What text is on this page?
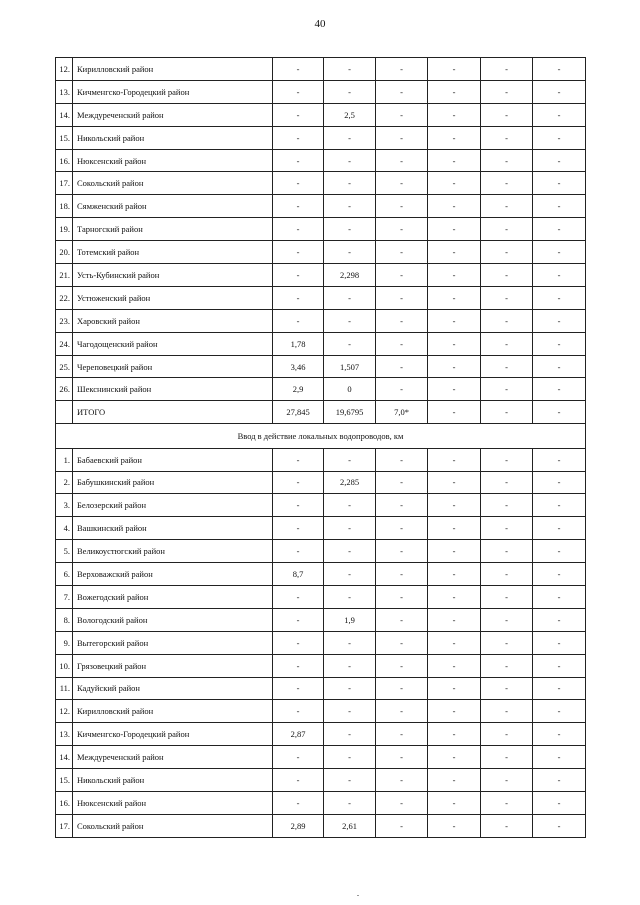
40
12.	Кирилловский район	-	-	-	-	-	-
13.	Кичменгско-Городецкий район	-	-	-	-	-	-
14.	Междуреченский район	-	2,5	-	-	-	-
15.	Никольский район	-	-	-	-	-	-
16.	Нюксенский район	-	-	-	-	-	-
17.	Сокольский район	-	-	-	-	-	-
18.	Сямженский район	-	-	-	-	-	-
19.	Тарногский район	-	-	-	-	-	-
20.	Тотемский район	-	-	-	-	-	-
21.	Усть-Кубинский район	-	2,298	-	-	-	-
22.	Устюженский район	-	-	-	-	-	-
23.	Харовский район	-	-	-	-	-	-
24.	Чагодощенский район	1,78	-	-	-	-	-
25.	Череповецкий район	3,46	1,507	-	-	-	-
26.	Шекснинский район	2,9	0	-	-	-	-
	ИТОГО	27,845	19,6795	7,0*	-	-	-
Ввод в действие локальных водопроводов, км							
1.	Бабаевский район	-	-	-	-	-	-
2.	Бабушкинский район	-	2,285	-	-	-	-
3.	Белозерский район	-	-	-	-	-	-
4.	Вашкинский район	-	-	-	-	-	-
5.	Великоустюгский район	-	-	-	-	-	-
6.	Верховажский район	8,7	-	-	-	-	-
7.	Вожегодский район	-	-	-	-	-	-
8.	Вологодский район	-	1,9	-	-	-	-
9.	Вытегорский район	-	-	-	-	-	-
10.	Грязовецкий район	-	-	-	-	-	-
11.	Кадуйский район	-	-	-	-	-	-
12.	Кирилловский район	-	-	-	-	-	-
13.	Кичменгско-Городецкий район	2,87	-	-	-	-	-
14.	Междуреченский район	-	-	-	-	-	-
15.	Никольский район	-	-	-	-	-	-
16.	Нюксенский район	-	-	-	-	-	-
17.	Сокольский район	2,89	2,61	-	-	-	-
